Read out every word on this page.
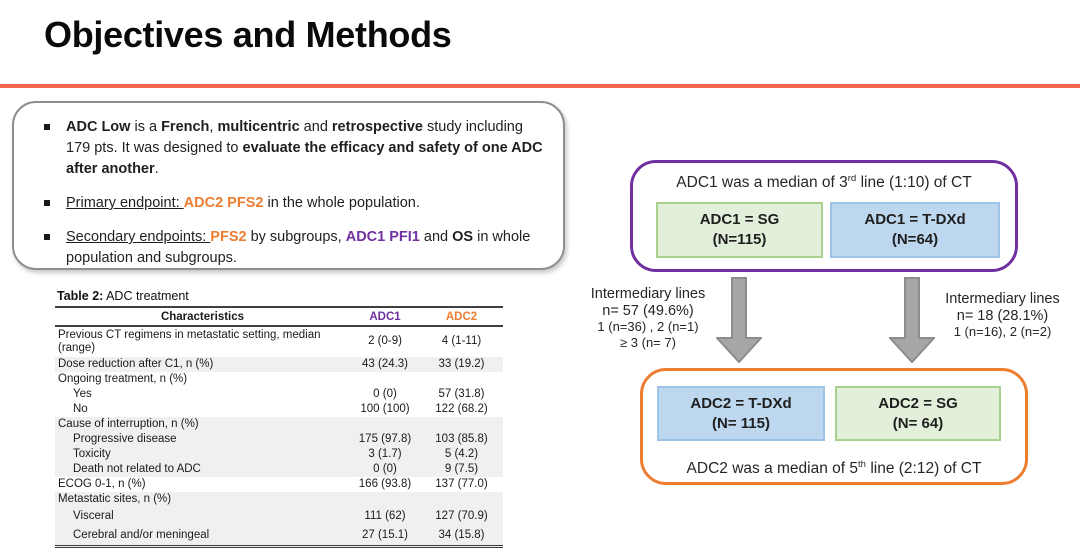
Objectives and Methods
ADC Low is a French, multicentric and retrospective study including 179 pts. It was designed to evaluate the efficacy and safety of one ADC after another.
Primary endpoint: ADC2 PFS2 in the whole population.
Secondary endpoints: PFS2 by subgroups, ADC1 PFI1 and OS in whole population and subgroups.
Table 2: ADC treatment
Characteristics	ADC1	ADC2
Previous CT regimens in metastatic setting, median (range)	2 (0-9)	4 (1-11)
Dose reduction after C1, n (%)	43 (24.3)	33 (19.2)
Ongoing treatment, n (%)		
Yes	0 (0)	57 (31.8)
No	100 (100)	122 (68.2)
Cause of interruption, n (%)		
Progressive disease	175 (97.8)	103 (85.8)
Toxicity	3 (1.7)	5 (4.2)
Death not related to ADC	0 (0)	9 (7.5)
ECOG 0-1, n (%)	166 (93.8)	137 (77.0)
Metastatic sites, n (%)		
Visceral	111 (62)	127 (70.9)
Cerebral and/or meningeal	27 (15.1)	34 (15.8)
ADC1 was a median of 3rd line (1:10) of CT
ADC1 = SG
(N=115)
ADC1 = T-DXd
(N=64)
Intermediary lines
n= 57 (49.6%)
1 (n=36) , 2 (n=1)
≥ 3 (n= 7)
Intermediary lines
n= 18 (28.1%)
1 (n=16), 2 (n=2)
ADC2 = T-DXd
(N= 115)
ADC2 = SG
(N= 64)
ADC2 was a median of 5th line (2:12) of CT
